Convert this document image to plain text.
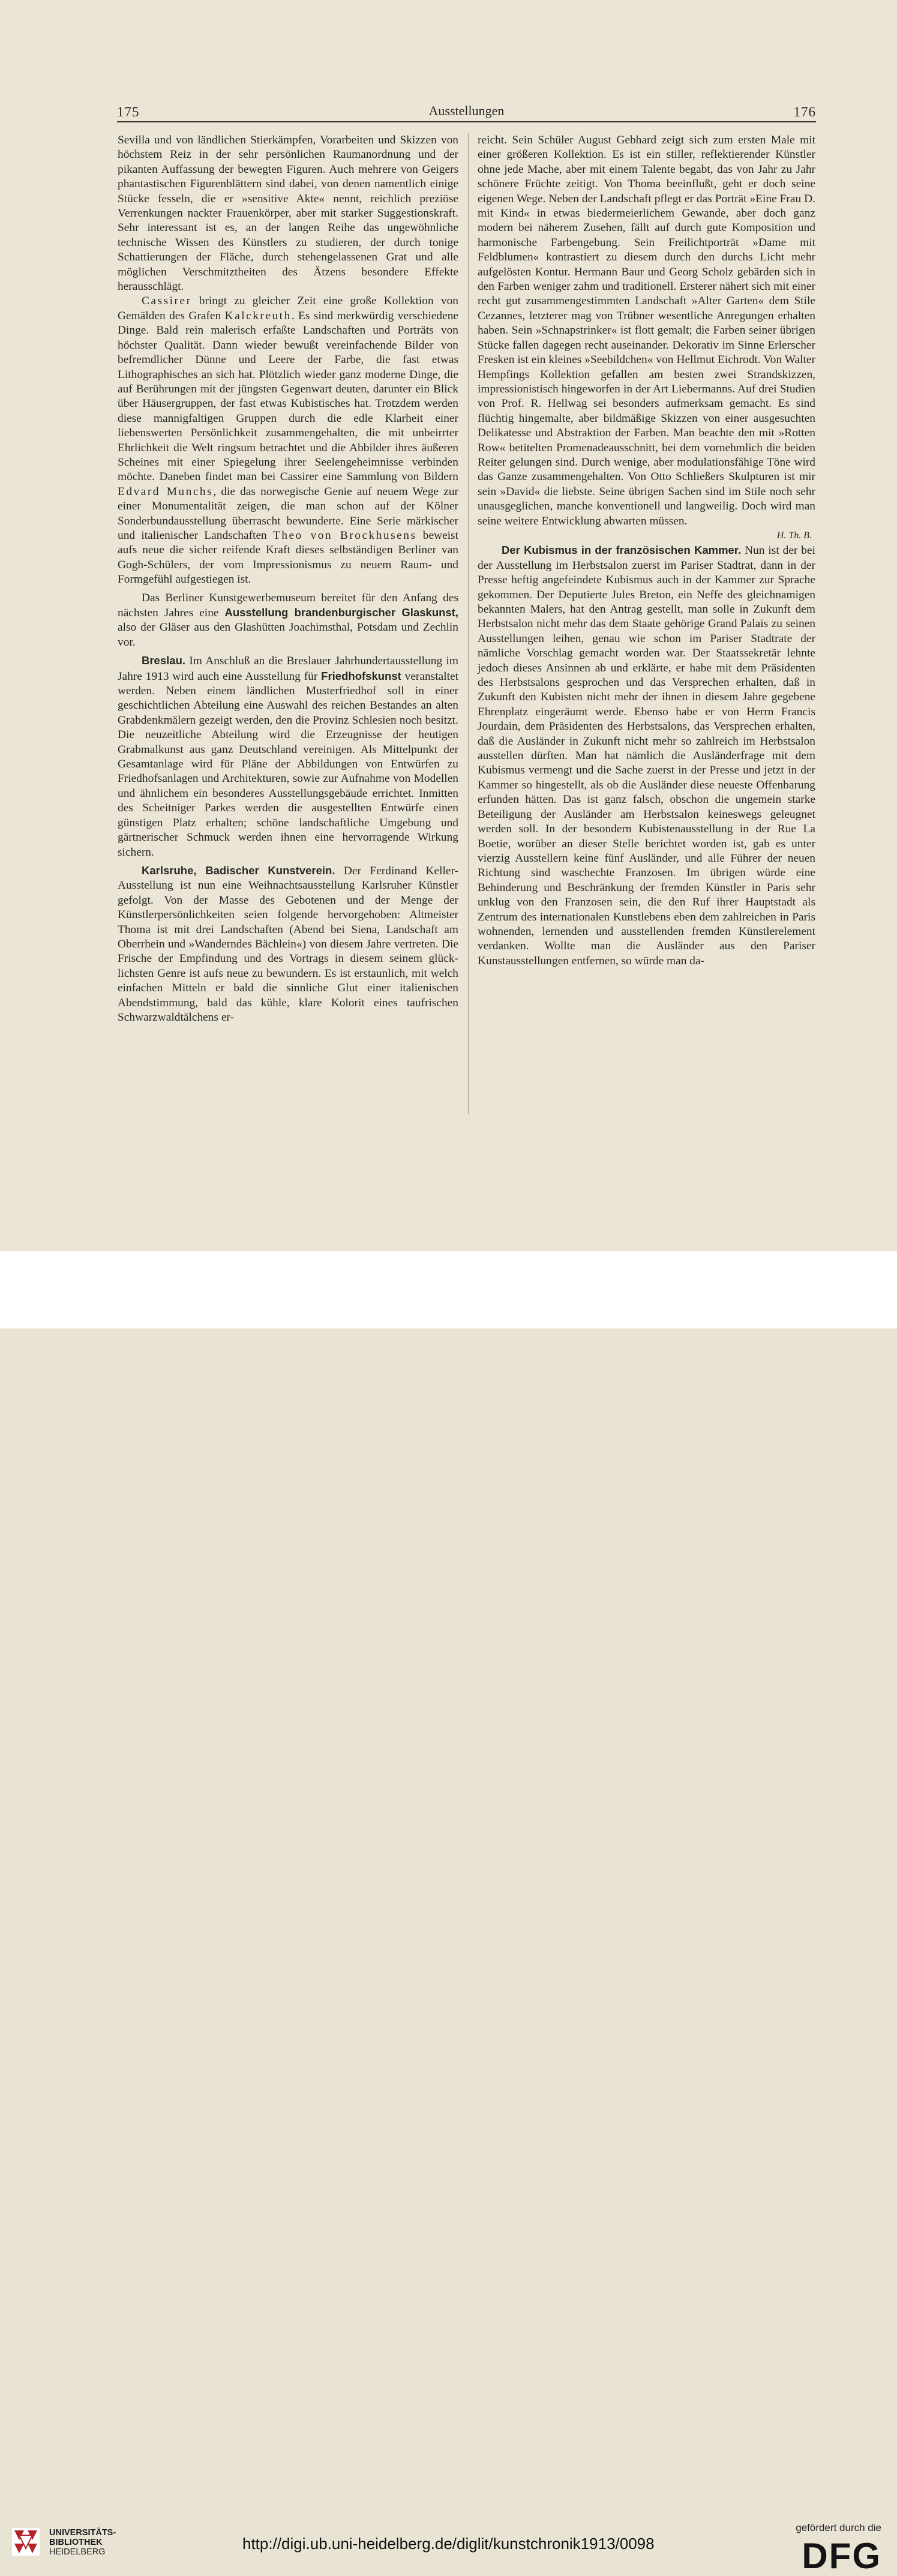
175	Ausstellungen	176

Sevilla und von ländlichen Stierkämpfen, Vorarbeiten und Skizzen von höchstem Reiz in der sehr persönlichen Raumanordnung und der pikanten Auffassung der bewegten Figuren. Auch mehrere von Geigers phantastischen Figurenblättern sind dabei, von denen namentlich einige Stücke fesseln, die er »sensitive Akte« nennt, reichlich preziöse Verrenkungen nackter Frauenkörper, aber mit starker Suggestionskraft. Sehr interessant ist es, an der langen Reihe das ungewöhnliche technische Wissen des Künstlers zu studieren, der durch tonige Schattierungen der Fläche, durch stehengelassenen Grat und alle möglichen Verschmitztheiten des Ätzens besondere Effekte herausschlägt.

Cassirer bringt zu gleicher Zeit eine große Kollektion von Gemälden des Grafen Kalckreuth. Es sind merkwürdig verschiedene Dinge. Bald rein malerisch erfaßte Landschaften und Porträts von höchster Qualität. Dann wieder bewußt vereinfachende Bilder von befremdlicher Dünne und Leere der Farbe, die fast etwas Lithographisches an sich hat. Plötzlich wieder ganz moderne Dinge, die auf Berührungen mit der jüngsten Gegenwart deuten, darunter ein Blick über Häusergruppen, der fast etwas Kubistisches hat. Trotzdem werden diese mannigfaltigen Gruppen durch die edle Klarheit einer liebenswerten Persönlichkeit zusammengehalten, die mit unbeirrter Ehrlichkeit die Welt ringsum betrachtet und die Abbilder ihres äußeren Scheines mit einer Spiegelung ihrer Seelengeheimnisse verbinden möchte. Daneben findet man bei Cassirer eine Sammlung von Bildern Edvard Munchs, die das norwegische Genie auf neuem Wege zur einer Monumentalität zeigen, die man schon auf der Kölner Sonderbundausstellung überrascht bewunderte. Eine Serie märkischer und italienischer Landschaften Theo von Brockhusens beweist aufs neue die sicher reifende Kraft dieses selbständigen Berliner van Gogh-Schülers, der vom Impressionismus zu neuem Raum- und Formgefühl aufgestiegen ist.

Das Berliner Kunstgewerbemuseum bereitet für den Anfang des nächsten Jahres eine Ausstellung brandenburgischer Glaskunst, also der Gläser aus den Glashütten Joachimsthal, Potsdam und Zechlin vor.

Breslau. Im Anschluß an die Breslauer Jahrhundertausstellung im Jahre 1913 wird auch eine Ausstellung für Friedhofskunst veranstaltet werden. Neben einem ländlichen Musterfriedhof soll in einer geschichtlichen Abteilung eine Auswahl des reichen Bestandes an alten Grabdenkmälern gezeigt werden, den die Provinz Schlesien noch besitzt. Die neuzeitliche Abteilung wird die Erzeugnisse der heutigen Grabmalkunst aus ganz Deutschland vereinigen. Als Mittelpunkt der Gesamtanlage wird für Pläne der Abbildungen von Entwürfen zu Friedhofsanlagen und Architekturen, sowie zur Aufnahme von Modellen und ähnlichem ein besonderes Ausstellungsgebäude errichtet. Inmitten des Scheitniger Parkes werden die ausgestellten Entwürfe einen günstigen Platz erhalten; schöne landschaftliche Umgebung und gärtnerischer Schmuck werden ihnen eine hervorragende Wirkung sichern.

Karlsruhe, Badischer Kunstverein. Der Ferdinand Keller-Ausstellung ist nun eine Weihnachtsausstellung Karlsruher Künstler gefolgt. Von der Masse des Gebotenen und der Menge der Künstlerpersönlichkeiten seien folgende hervorgehoben: Altmeister Thoma ist mit drei Landschaften (Abend bei Siena, Landschaft am Oberrhein und »Wanderndes Bächlein«) von diesem Jahre vertreten. Die Frische der Empfindung und des Vortrags in diesem seinem glücklichsten Genre ist aufs neue zu bewundern. Es ist erstaunlich, mit welch einfachen Mitteln er bald die sinnliche Glut einer italienischen Abendstimmung, bald das kühle, klare Kolorit eines taufrischen Schwarzwaldtälchens er-

reicht. Sein Schüler August Gebhard zeigt sich zum ersten Male mit einer größeren Kollektion. Es ist ein stiller, reflektierender Künstler ohne jede Mache, aber mit einem Talente begabt, das von Jahr zu Jahr schönere Früchte zeitigt. Von Thoma beeinflußt, geht er doch seine eigenen Wege. Neben der Landschaft pflegt er das Porträt »Eine Frau D. mit Kind« in etwas biedermeierlichem Gewande, aber doch ganz modern bei näherem Zusehen, fällt auf durch gute Komposition und harmonische Farbengebung. Sein Freilichtporträt »Dame mit Feldblumen« kontrastiert zu diesem durch den durchs Licht mehr aufgelösten Kontur. Hermann Baur und Georg Scholz gebärden sich in den Farben weniger zahm und traditionell. Ersterer nähert sich mit einer recht gut zusammengestimmten Landschaft »Alter Garten« dem Stile Cezannes, letzterer mag von Trübner wesentliche Anregungen erhalten haben. Sein »Schnapstrinker« ist flott gemalt; die Farben seiner übrigen Stücke fallen dagegen recht auseinander. Dekorativ im Sinne Erlerscher Fresken ist ein kleines »Seebildchen« von Hellmut Eichrodt. Von Walter Hempfings Kollektion gefallen am besten zwei Strandskizzen, impressionistisch hingeworfen in der Art Liebermanns. Auf drei Studien von Prof. R. Hellwag sei besonders aufmerksam gemacht. Es sind flüchtig hingemalte, aber bildmäßige Skizzen von einer ausgesuchten Delikatesse und Abstraktion der Farben. Man beachte den mit »Rotten Row« betitelten Promenadeausschnitt, bei dem vornehmlich die beiden Reiter gelungen sind. Durch wenige, aber modulationsfähige Töne wird das Ganze zusammengehalten. Von Otto Schließers Skulpturen ist mir sein »David« die liebste. Seine übrigen Sachen sind im Stile noch sehr unausgeglichen, manche konventionell und langweilig. Doch wird man seine weitere Entwicklung abwarten müssen.

H. Th. B.

Der Kubismus in der französischen Kammer. Nun ist der bei der Ausstellung im Herbstsalon zuerst im Pariser Stadtrat, dann in der Presse heftig angefeindete Kubismus auch in der Kammer zur Sprache gekommen. Der Deputierte Jules Breton, ein Neffe des gleichnamigen bekannten Malers, hat den Antrag gestellt, man solle in Zukunft dem Herbstsalon nicht mehr das dem Staate gehörige Grand Palais zu seinen Ausstellungen leihen, genau wie schon im Pariser Stadtrate der nämliche Vorschlag gemacht worden war. Der Staatssekretär lehnte jedoch dieses Ansinnen ab und erklärte, er habe mit dem Präsidenten des Herbstsalons gesprochen und das Versprechen erhalten, daß in Zukunft den Kubisten nicht mehr der ihnen in diesem Jahre gegebene Ehrenplatz eingeräumt werde. Ebenso habe er von Herrn Francis Jourdain, dem Präsidenten des Herbstsalons, das Versprechen erhalten, daß die Ausländer in Zukunft nicht mehr so zahlreich im Herbstsalon ausstellen dürften. Man hat nämlich die Ausländerfrage mit dem Kubismus vermengt und die Sache zuerst in der Presse und jetzt in der Kammer so hingestellt, als ob die Ausländer diese neueste Offenbarung erfunden hätten. Das ist ganz falsch, obschon die ungemein starke Beteiligung der Ausländer am Herbstsalon keineswegs geleugnet werden soll. In der besondern Kubistenausstellung in der Rue La Boetie, worüber an dieser Stelle berichtet worden ist, gab es unter vierzig Ausstellern keine fünf Ausländer, und alle Führer der neuen Richtung sind waschechte Franzosen. Im übrigen würde eine Behinderung und Beschränkung der fremden Künstler in Paris sehr unklug von den Franzosen sein, die den Ruf ihrer Hauptstadt als Zentrum des internationalen Kunstlebens eben dem zahlreichen in Paris wohnenden, lernenden und ausstellenden fremden Künstlerelement verdanken. Wollte man die Ausländer aus den Pariser Kunstausstellungen entfernen, so würde man da-

UNIVERSITÄTS-
BIBLIOTHEK
HEIDELBERG	http://digi.ub.uni-heidelberg.de/diglit/kunstchronik1913/0098
gefördert durch die
DFG
